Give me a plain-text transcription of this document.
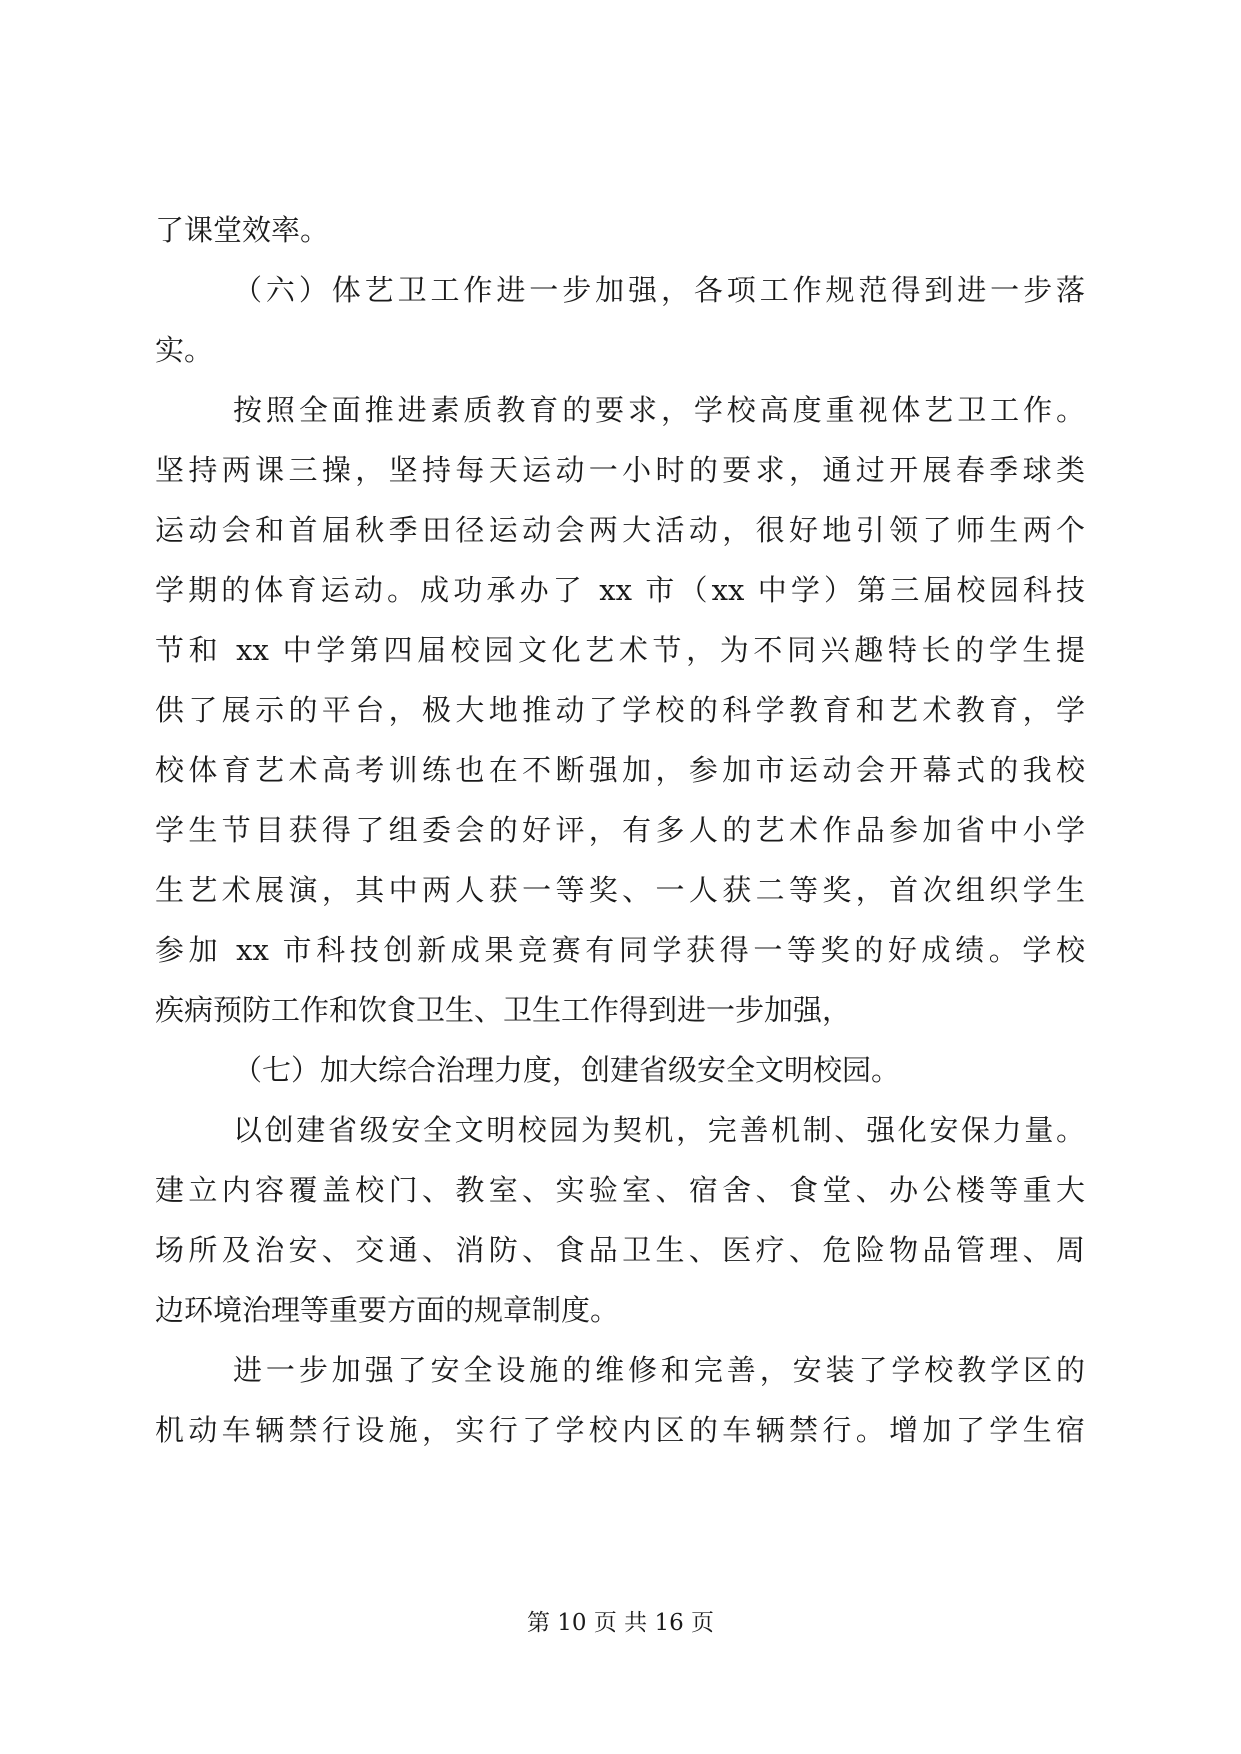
了课堂效率。
（六）体艺卫工作进一步加强，各项工作规范得到进一步落
实。
按照全面推进素质教育的要求，学校高度重视体艺卫工作。
坚持两课三操，坚持每天运动一小时的要求，通过开展春季球类
运动会和首届秋季田径运动会两大活动，很好地引领了师生两个
学期的体育运动。成功承办了 xx 市（xx 中学）第三届校园科技
节和 xx 中学第四届校园文化艺术节，为不同兴趣特长的学生提
供了展示的平台，极大地推动了学校的科学教育和艺术教育，学
校体育艺术高考训练也在不断强加，参加市运动会开幕式的我校
学生节目获得了组委会的好评，有多人的艺术作品参加省中小学
生艺术展演，其中两人获一等奖、一人获二等奖，首次组织学生
参加 xx 市科技创新成果竞赛有同学获得一等奖的好成绩。学校
疾病预防工作和饮食卫生、卫生工作得到进一步加强，
（七）加大综合治理力度，创建省级安全文明校园。
以创建省级安全文明校园为契机，完善机制、强化安保力量。
建立内容覆盖校门、教室、实验室、宿舍、食堂、办公楼等重大
场所及治安、交通、消防、食品卫生、医疗、危险物品管理、周
边环境治理等重要方面的规章制度。
进一步加强了安全设施的维修和完善，安装了学校教学区的
机动车辆禁行设施，实行了学校内区的车辆禁行。增加了学生宿
第 10 页 共 16 页
